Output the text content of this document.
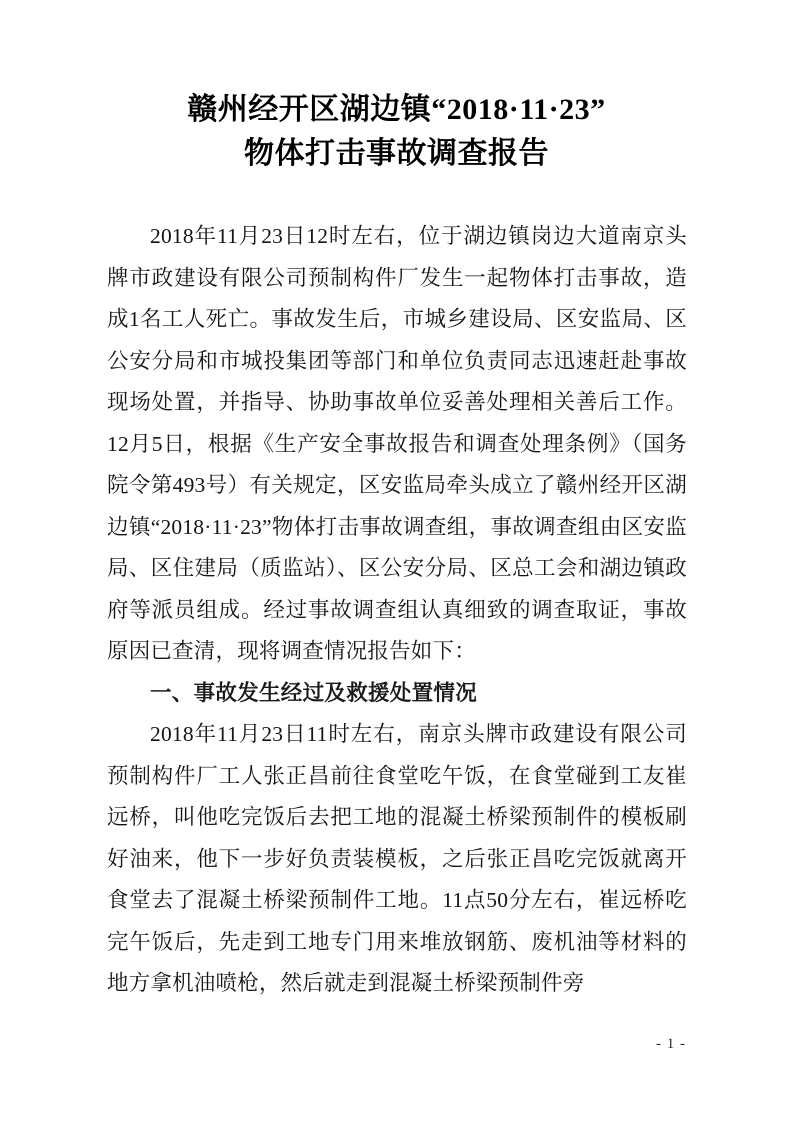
赣州经开区湖边镇“2018·11·23”
物体打击事故调查报告

2018年11月23日12时左右，位于湖边镇岗边大道南京头牌市政建设有限公司预制构件厂发生一起物体打击事故，造成1名工人死亡。事故发生后，市城乡建设局、区安监局、区公安分局和市城投集团等部门和单位负责同志迅速赶赴事故现场处置，并指导、协助事故单位妥善处理相关善后工作。12月5日，根据《生产安全事故报告和调查处理条例》（国务院令第493号）有关规定，区安监局牵头成立了赣州经开区湖边镇“2018·11·23”物体打击事故调查组，事故调查组由区安监局、区住建局（质监站）、区公安分局、区总工会和湖边镇政府等派员组成。经过事故调查组认真细致的调查取证，事故原因已查清，现将调查情况报告如下：

一、事故发生经过及救援处置情况

2018年11月23日11时左右，南京头牌市政建设有限公司预制构件厂工人张正昌前往食堂吃午饭，在食堂碰到工友崔远桥，叫他吃完饭后去把工地的混凝土桥梁预制件的模板刷好油来，他下一步好负责装模板，之后张正昌吃完饭就离开食堂去了混凝土桥梁预制件工地。11点50分左右，崔远桥吃完午饭后，先走到工地专门用来堆放钢筋、废机油等材料的地方拿机油喷枪，然后就走到混凝土桥梁预制件旁

- 1 -
